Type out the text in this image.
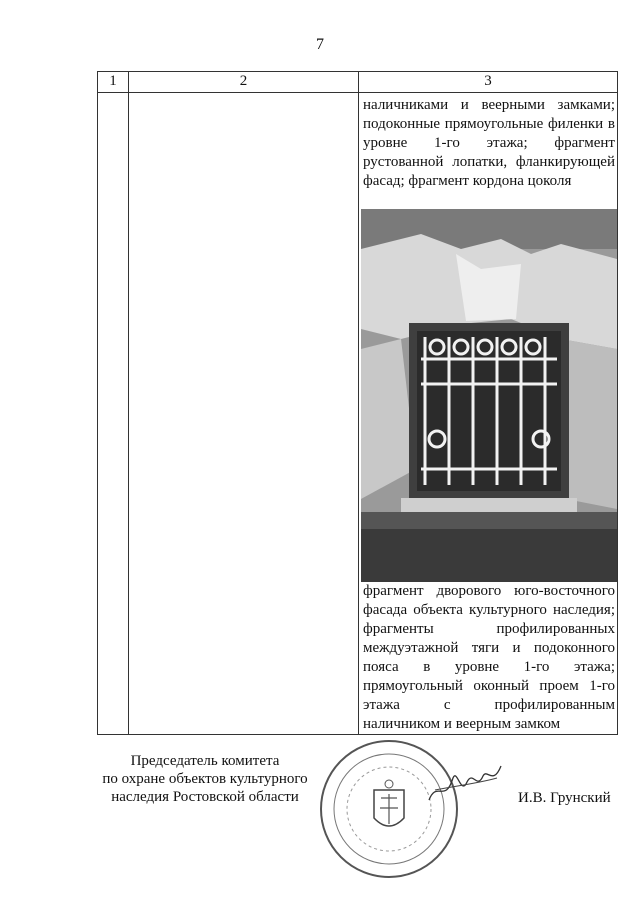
7
1	2	3

		наличниками и веерными замками; подоконные прямоугольные филенки в уровне 1-го этажа; фрагмент рустованной лопатки, фланкирующей фасад; фрагмент кордона цоколя
фрагмент дворового юго-восточного фасада объекта культурного наследия; фрагменты профилированных междуэтажной тяги и подоконного пояса в уровне 1-го этажа; прямоугольный оконный проем 1-го этажа с профилированным наличником и веерным замком
Председатель комитета
по охране объектов культурного
наследия Ростовской области	И.В. Грунский
